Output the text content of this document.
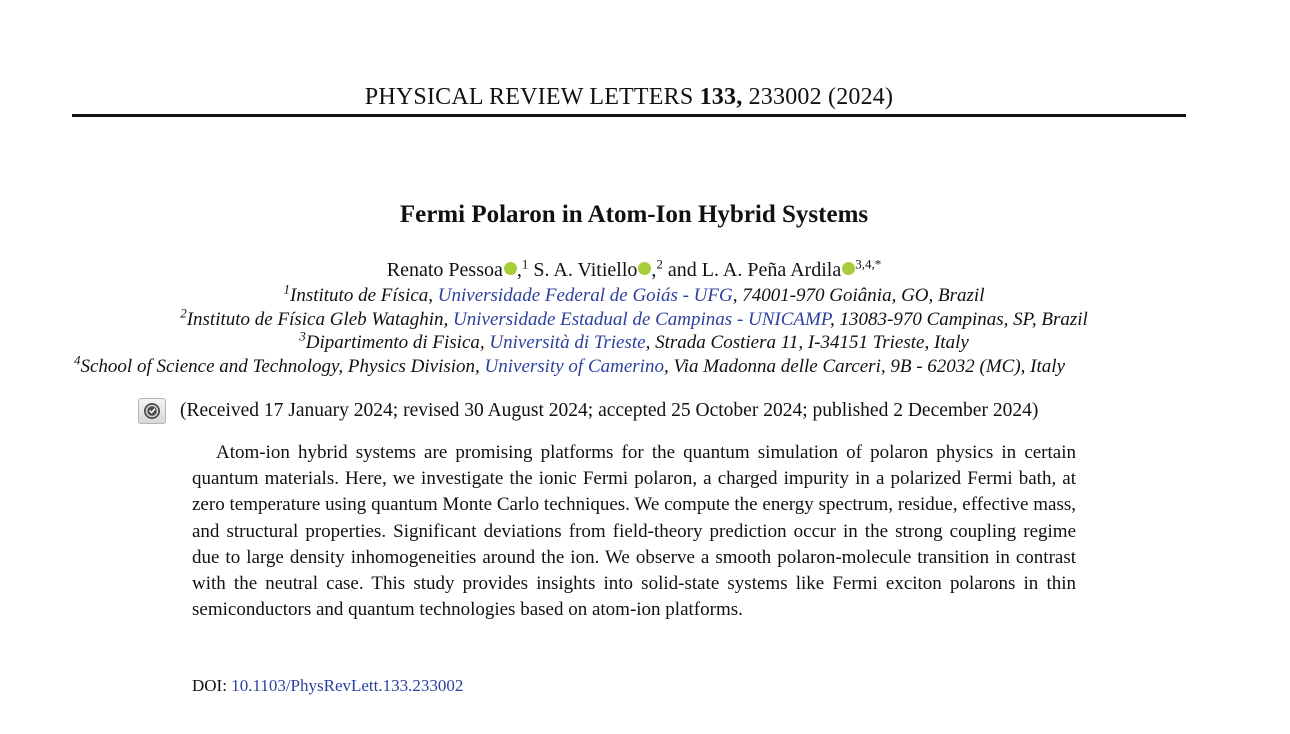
PHYSICAL REVIEW LETTERS 133, 233002 (2024)
Fermi Polaron in Atom-Ion Hybrid Systems
Renato Pessoa ,$^1$ S. A. Vitiello ,$^2$ and L. A. Peña Ardila $^{3,4,*}$
$^1$Instituto de Física, Universidade Federal de Goiás - UFG, 74001-970 Goiânia, GO, Brazil
$^2$Instituto de Física Gleb Wataghin, Universidade Estadual de Campinas - UNICAMP, 13083-970 Campinas, SP, Brazil
$^3$Dipartimento di Fisica, Università di Trieste, Strada Costiera 11, I-34151 Trieste, Italy
$^4$School of Science and Technology, Physics Division, University of Camerino, Via Madonna delle Carceri, 9B - 62032 (MC), Italy
(Received 17 January 2024; revised 30 August 2024; accepted 25 October 2024; published 2 December 2024)

Atom-ion hybrid systems are promising platforms for the quantum simulation of polaron physics in certain quantum materials. Here, we investigate the ionic Fermi polaron, a charged impurity in a polarized Fermi bath, at zero temperature using quantum Monte Carlo techniques. We compute the energy spectrum, residue, effective mass, and structural properties. Significant deviations from field-theory prediction occur in the strong coupling regime due to large density inhomogeneities around the ion. We observe a smooth polaron-molecule transition in contrast with the neutral case. This study provides insights into solid-state systems like Fermi exciton polarons in thin semiconductors and quantum technologies based on atom-ion platforms.

DOI: 10.1103/PhysRevLett.133.233002
